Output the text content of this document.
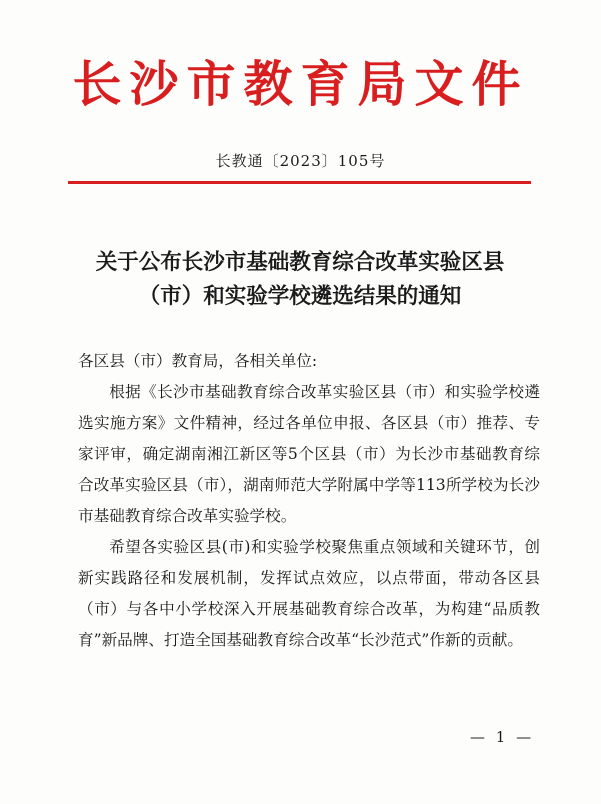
长沙市教育局文件
长教通〔2023〕105号
关于公布长沙市基础教育综合改革实验区县
（市）和实验学校遴选结果的通知
各区县（市）教育局，各相关单位:

根据《长沙市基础教育综合改革实验区县（市）和实验学校遴选实施方案》文件精神，经过各单位申报、各区县（市）推荐、专家评审，确定湖南湘江新区等5个区县（市）为长沙市基础教育综合改革实验区县（市），湖南师范大学附属中学等113所学校为长沙市基础教育综合改革实验学校。

希望各实验区县(市)和实验学校聚焦重点领域和关键环节，创新实践路径和发展机制，发挥试点效应，以点带面，带动各区县（市）与各中小学校深入开展基础教育综合改革，为构建“品质教育”新品牌、打造全国基础教育综合改革“长沙范式”作新的贡献。

— 1 —
